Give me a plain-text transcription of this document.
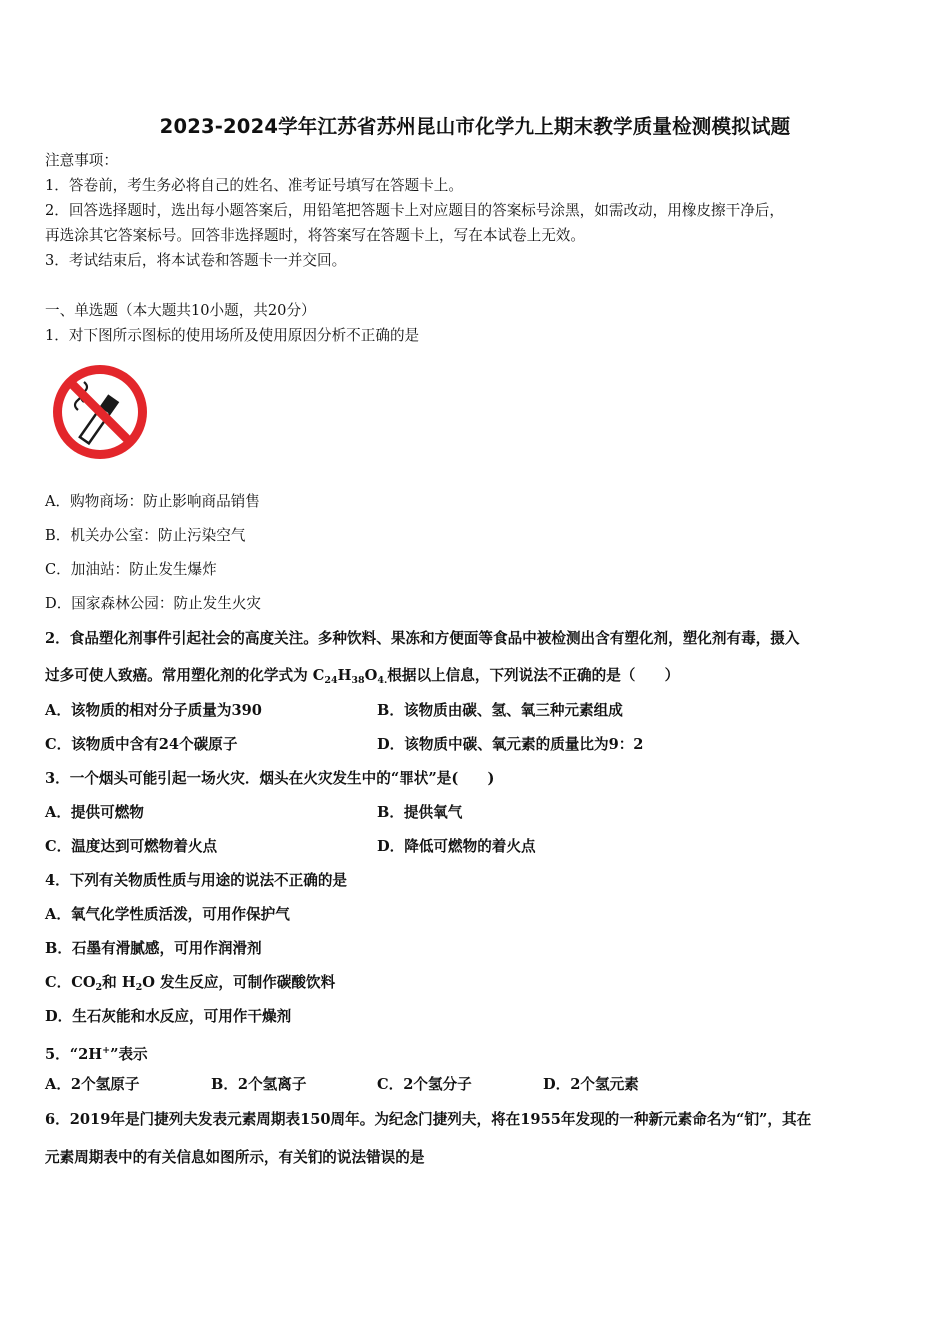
2023-2024学年江苏省苏州昆山市化学九上期末教学质量检测模拟试题
注意事项：
1．答卷前，考生务必将自己的姓名、准考证号填写在答题卡上。
2．回答选择题时，选出每小题答案后，用铅笔把答题卡上对应题目的答案标号涂黑，如需改动，用橡皮擦干净后，
再选涂其它答案标号。回答非选择题时，将答案写在答题卡上，写在本试卷上无效。
3．考试结束后，将本试卷和答题卡一并交回。
一、单选题（本大题共10小题，共20分）
1．对下图所示图标的使用场所及使用原因分析不正确的是
A．购物商场：防止影响商品销售
B．机关办公室：防止污染空气
C．加油站：防止发生爆炸
D．国家森林公园：防止发生火灾
2．食品塑化剂事件引起社会的高度关注。多种饮料、果冻和方便面等食品中被检测出含有塑化剂，塑化剂有毒，摄入
过多可使人致癌。常用塑化剂的化学式为 $C_{24}H_{38}O_{4.}$根据以上信息，下列说法不正确的是（　　）
A．该物质的相对分子质量为390	B．该物质由碳、氢、氧三种元素组成
C．该物质中含有24个碳原子	D．该物质中碳、氧元素的质量比为9：2
3．一个烟头可能引起一场火灾．烟头在火灾发生中的“罪状”是(　　)
A．提供可燃物	B．提供氧气
C．温度达到可燃物着火点	D．降低可燃物的着火点
4．下列有关物质性质与用途的说法不正确的是
A．氧气化学性质活泼，可用作保护气
B．石墨有滑腻感，可用作润滑剂
C．$CO_2$和 $H_2O$ 发生反应，可制作碳酸饮料
D．生石灰能和水反应，可用作干燥剂
5．“2H+”表示
A．2个氢原子	B．2个氢离子	C．2个氢分子	D．2个氢元素
6．2019年是门捷列夫发表元素周期表150周年。为纪念门捷列夫，将在1955年发现的一种新元素命名为“钔”，其在
元素周期表中的有关信息如图所示，有关钔的说法错误的是
